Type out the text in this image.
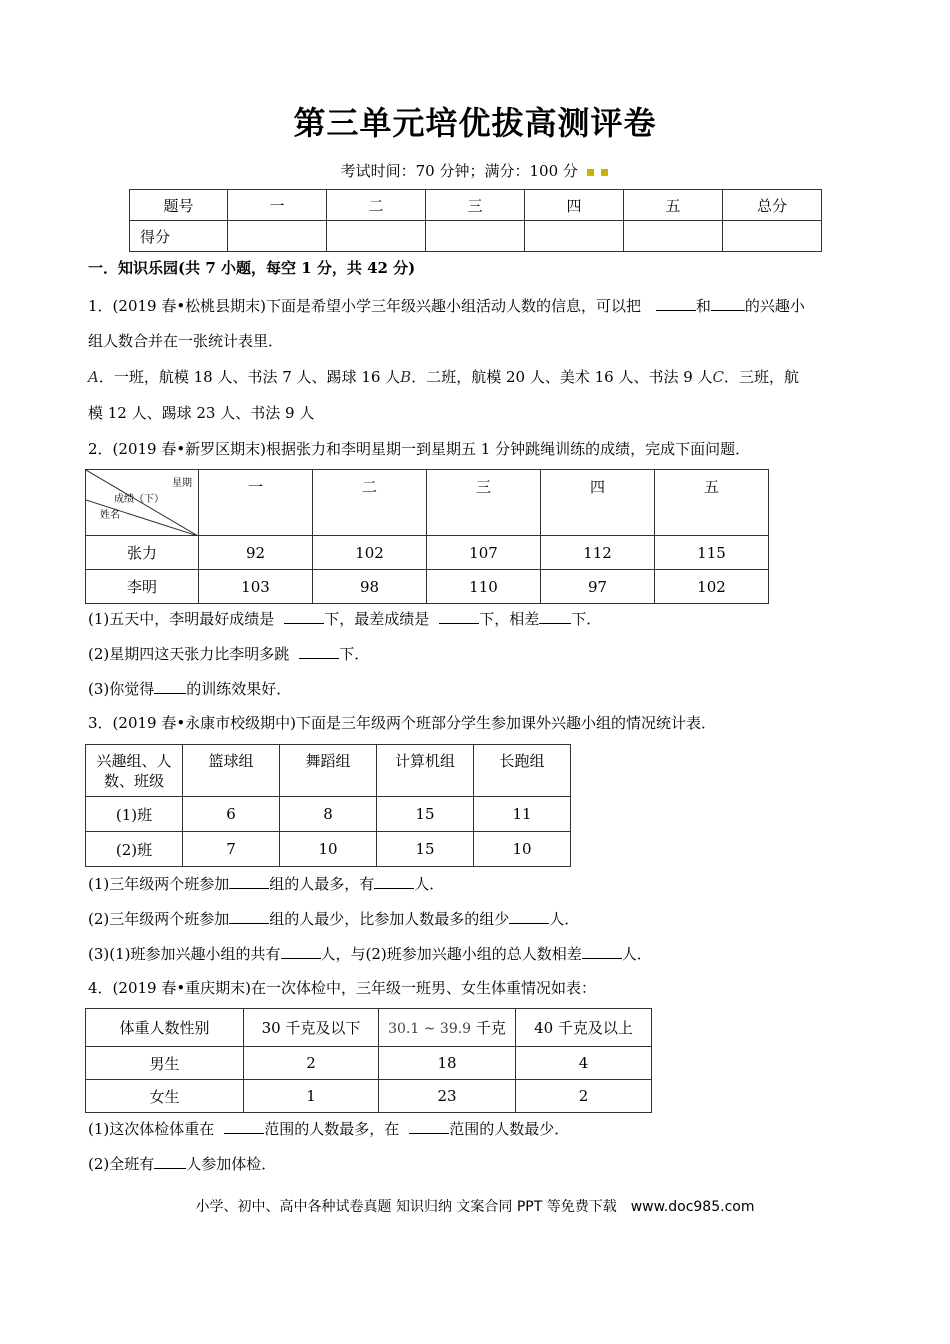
第三单元培优拔高测评卷
考试时间：70 分钟；满分：100 分 ▪ ▪
题号	一	二	三	四	五	总分
得分						
一．知识乐园(共 7 小题，每空 1 分，共 42 分)
1．(2019 春•松桃县期末)下面是希望小学三年级兴趣小组活动人数的信息，可以把	和 的兴趣小
组人数合并在一张统计表里．
A．一班，航模 18 人、书法 7 人、踢球 16 人B．二班，航模 20 人、美术 16 人、书法 9 人C．三班，航
模 12 人、踢球 23 人、书法 9 人
2．(2019 春•新罗区期末)根据张力和李明星期一到星期五 1 分钟跳绳训练的成绩，完成下面问题．
星期
成绩（下）
姓名	一	二	三	四	五
张力	92	102	107	112	115
李明	103	98	110	97	102
(1)五天中，李明最好成绩是	下，最差成绩是	下，相差 下．
(2)星期四这天张力比李明多跳	下．
(3)你觉得 的训练效果好．
3．(2019 春•永康市校级期中)下面是三年级两个班部分学生参加课外兴趣小组的情况统计表．
兴趣组、人
数、班级	篮球组	舞蹈组	计算机组	长跑组
(1)班	6	8	15	11
(2)班	7	10	15	10
(1)三年级两个班参加	组的人最多，有	人．
(2)三年级两个班参加	组的人最少，比参加人数最多的组少	人．
(3)(1)班参加兴趣小组的共有	人，与(2)班参加兴趣小组的总人数相差	人．
4．(2019 春•重庆期末)在一次体检中，三年级一班男、女生体重情况如表：
体重人数性别	30 千克及以下	30.1 ~ 39.9 千克	40 千克及以上
男生	2	18	4
女生	1	23	2
(1)这次体检体重在	范围的人数最多，在	范围的人数最少．
(2)全班有 人参加体检．
小学、初中、高中各种试卷真题 知识归纳 文案合同 PPT 等免费下载　www.doc985.com
